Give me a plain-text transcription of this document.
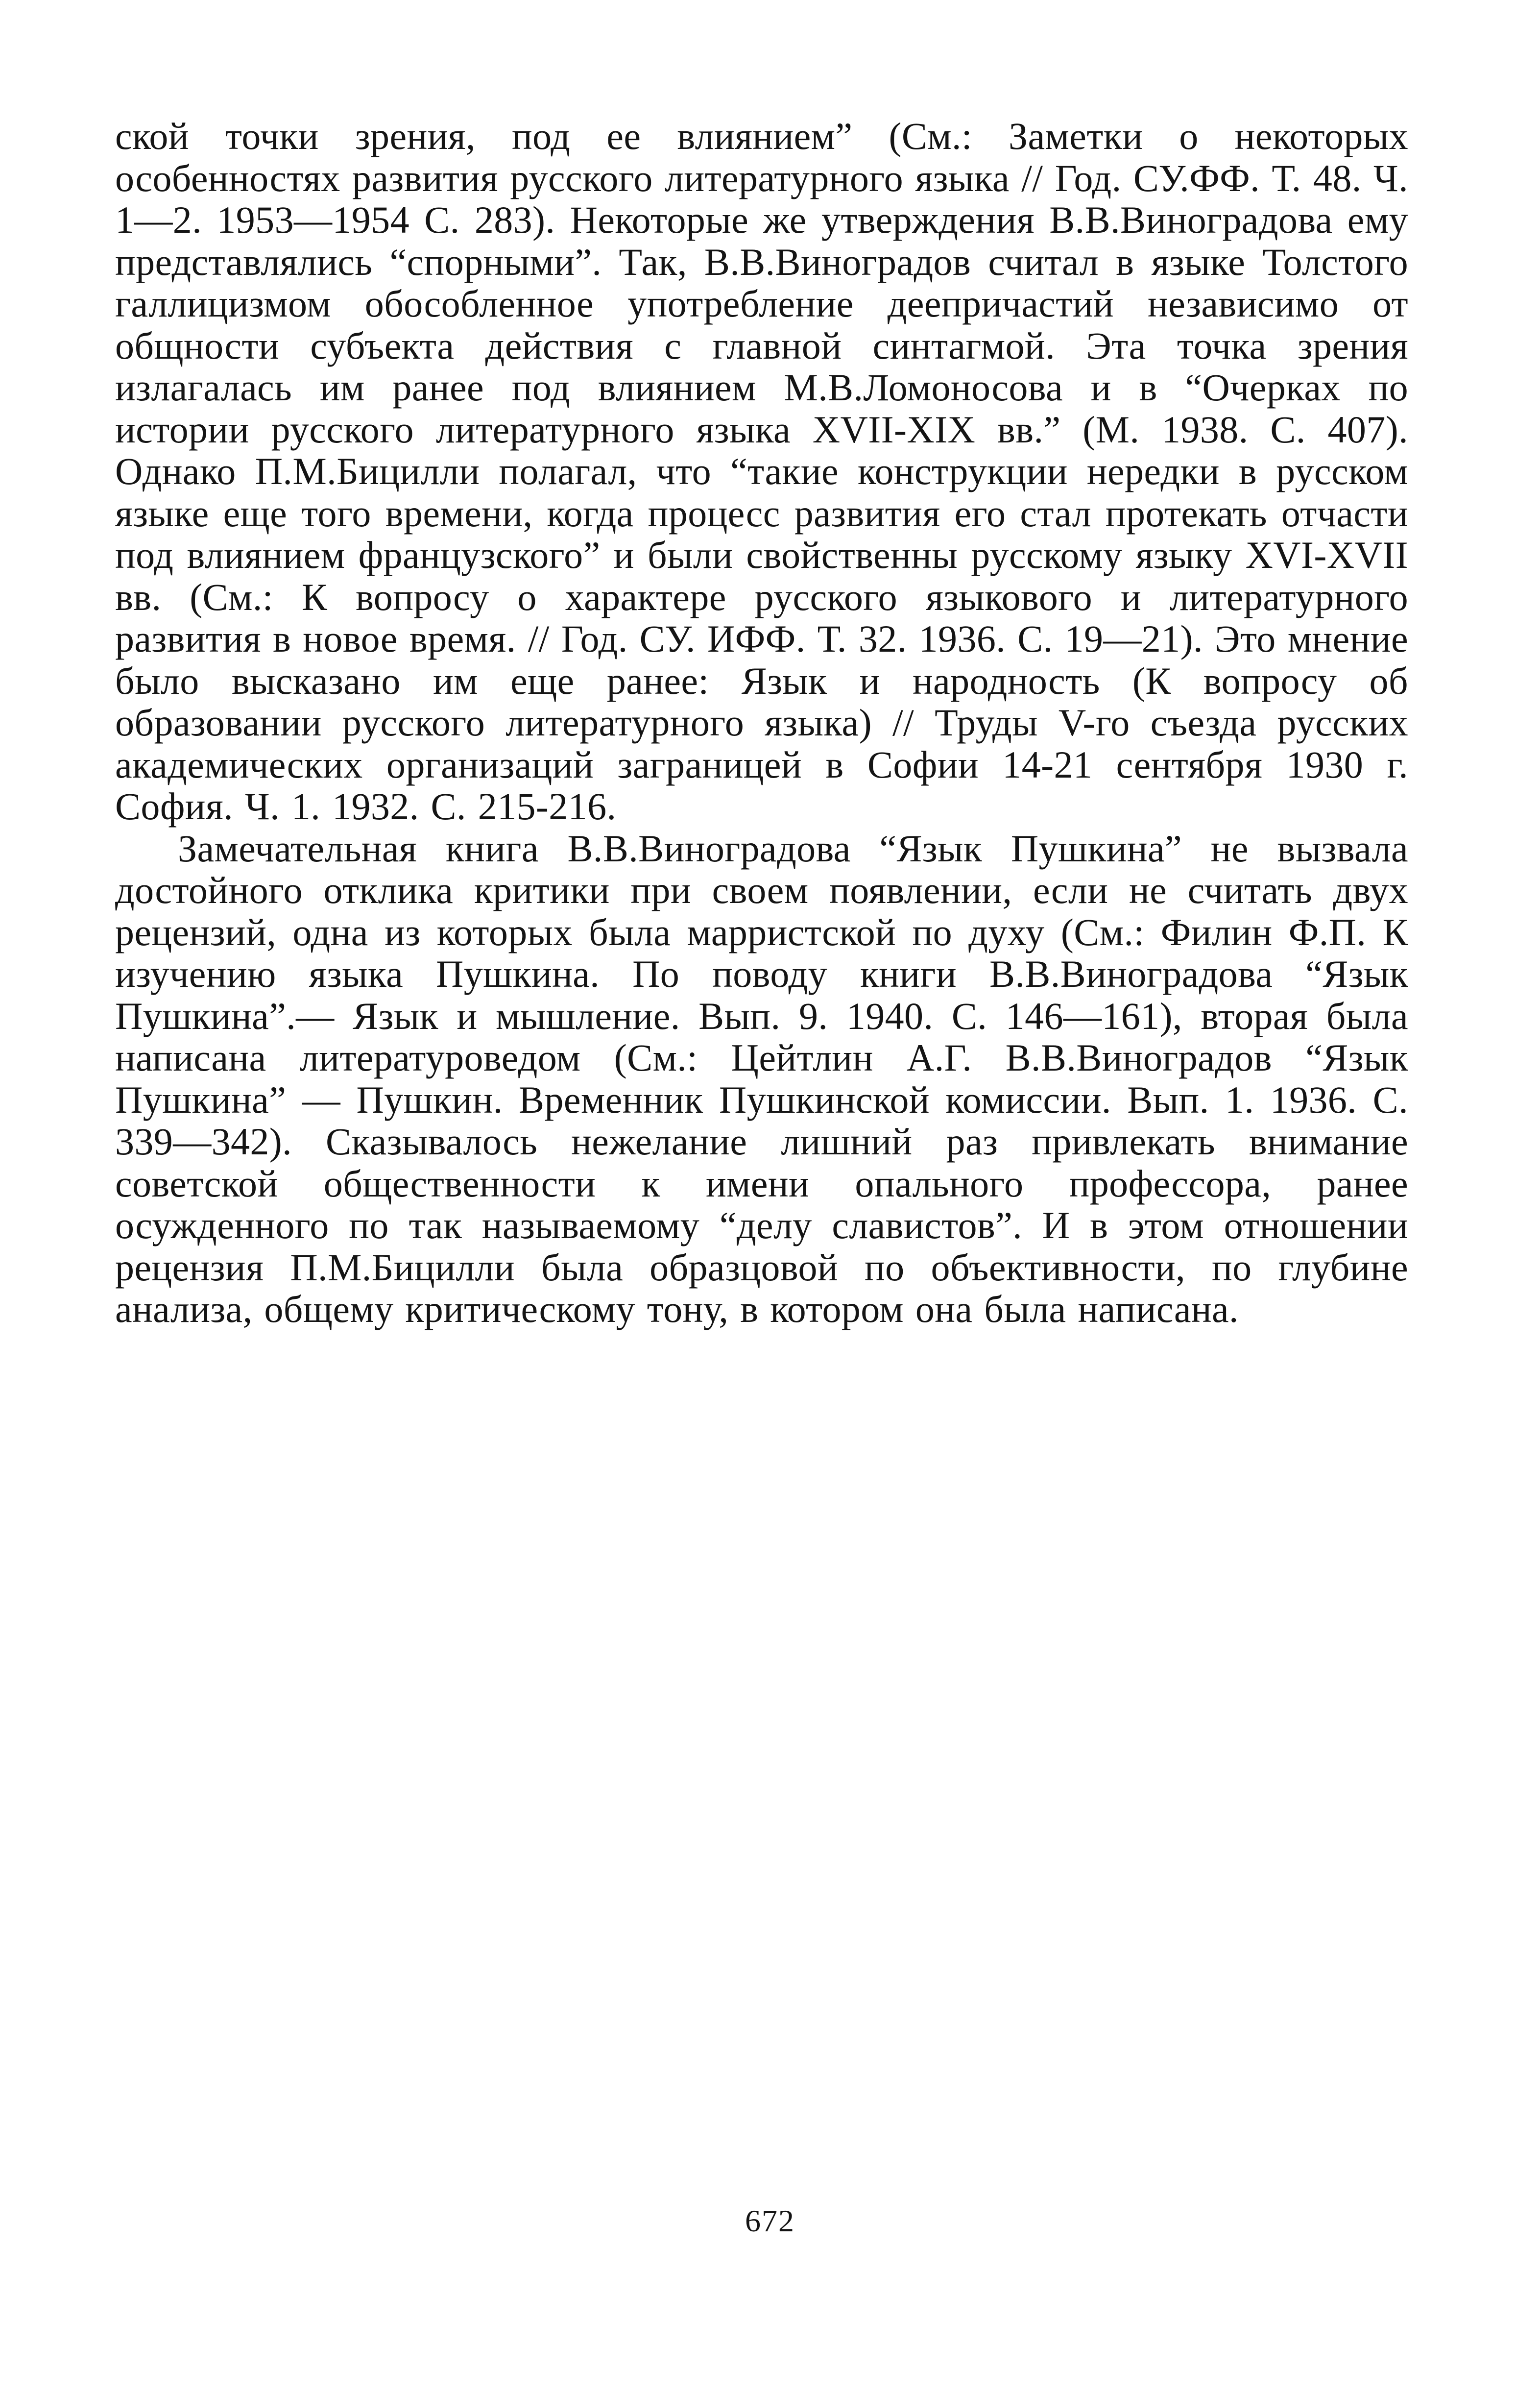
ской точки зрения, под ее влиянием” (См.: Заметки о некоторых особенностях развития русского литературного языка // Год. СУ.ФФ. Т. 48. Ч. 1—2. 1953—1954 С. 283). Некоторые же утверждения В.В.Виноградова ему представлялись “спорными”. Так, В.В.Виноградов считал в языке Толстого галлицизмом обособленное употребление деепричастий независимо от общности субъекта действия с главной синтагмой. Эта точка зрения излагалась им ранее под влиянием М.В.Ломоносова и в “Очерках по истории русского литературного языка XVII-XIX вв.” (М. 1938. С. 407). Однако П.М.Бицилли полагал, что “такие конструкции нередки в русском языке еще того времени, когда процесс развития его стал протекать отчасти под влиянием французского” и были свойственны русскому языку XVI-XVII вв. (См.: К вопросу о характере русского языкового и литературного развития в новое время. // Год. СУ. ИФФ. Т. 32. 1936. С. 19—21). Это мнение было высказано им еще ранее: Язык и народность (К вопросу об образовании русского литературного языка) // Труды V-го съезда русских академических организаций заграницей в Софии 14-21 сентября 1930 г. София. Ч. 1. 1932. С. 215-216.

Замечательная книга В.В.Виноградова “Язык Пушкина” не вызвала достойного отклика критики при своем появлении, если не считать двух рецензий, одна из которых была марристской по духу (См.: Филин Ф.П. К изучению языка Пушкина. По поводу книги В.В.Виноградова “Язык Пушкина”.— Язык и мышление. Вып. 9. 1940. С. 146—161), вторая была написана литературоведом (См.: Цейтлин А.Г. В.В.Виноградов “Язык Пушкина” — Пушкин. Временник Пушкинской комиссии. Вып. 1. 1936. С. 339—342). Сказывалось нежелание лишний раз привлекать внимание советской общественности к имени опального профессора, ранее осужденного по так называемому “делу славистов”. И в этом отношении рецензия П.М.Бицилли была образцовой по объективности, по глубине анализа, общему критическому тону, в котором она была написана.

672
